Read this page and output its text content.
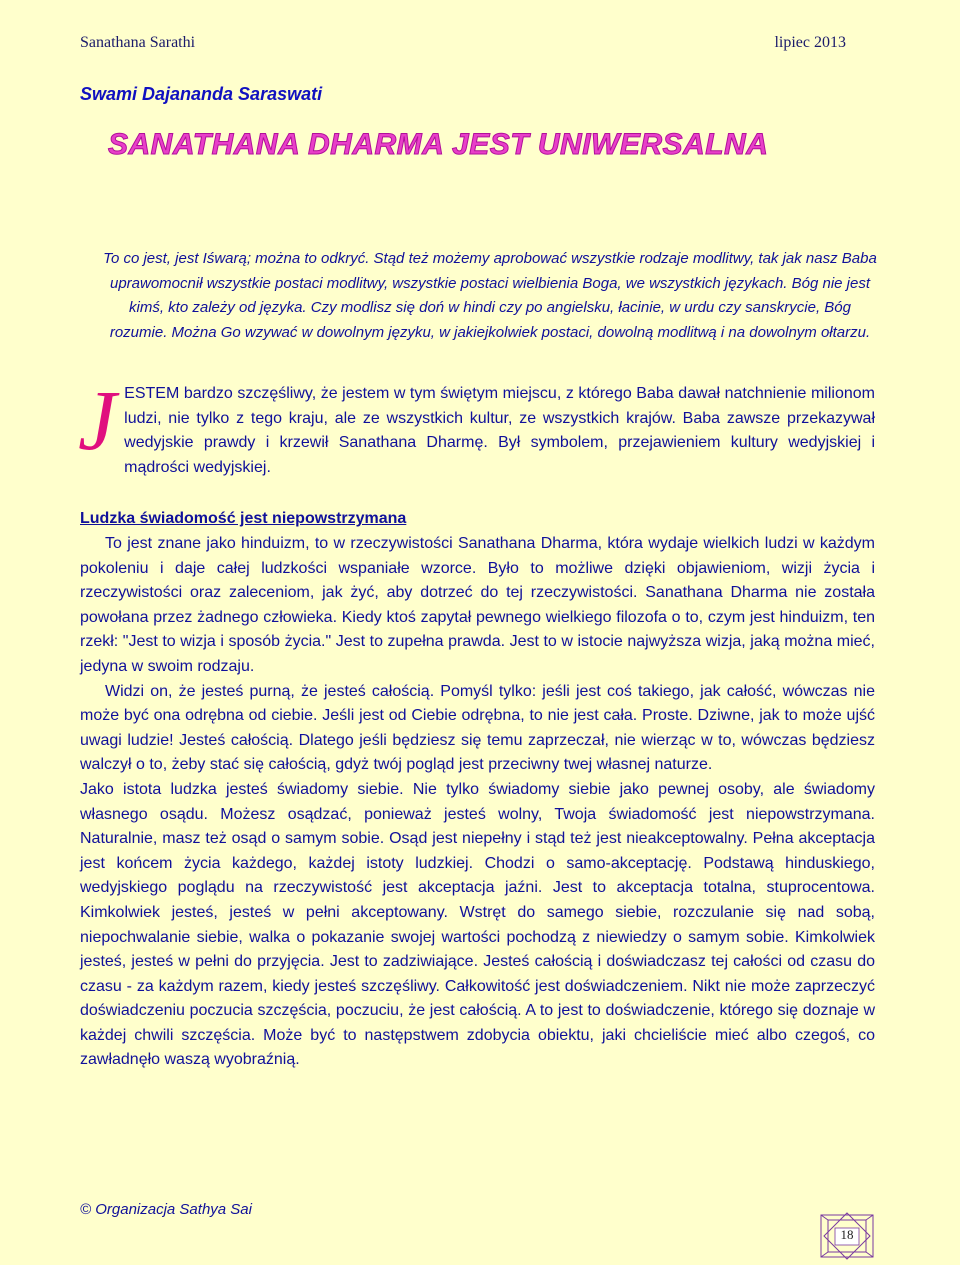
Sanathana Sarathi	lipiec 2013
Swami Dajananda Saraswati
SANATHANA DHARMA JEST UNIWERSALNA
To co jest, jest Iśwarą; można to odkryć. Stąd też możemy aprobować wszystkie rodzaje modlitwy, tak jak nasz Baba uprawomocnił wszystkie postaci modlitwy, wszystkie postaci wielbienia Boga, we wszystkich językach. Bóg nie jest kimś, kto zależy od języka. Czy modlisz się doń w hindi czy po angielsku, łacinie, w urdu czy sanskrycie, Bóg rozumie. Można Go wzywać w dowolnym języku, w jakiejkolwiek postaci, dowolną modlitwą i na dowolnym ołtarzu.
JESTEM bardzo szczęśliwy, że jestem w tym świętym miejscu, z którego Baba dawał natchnienie milionom ludzi, nie tylko z tego kraju, ale ze wszystkich kultur, ze wszystkich krajów. Baba zawsze przekazywał wedyjskie prawdy i krzewił Sanathana Dharmę. Był symbolem, przejawieniem kultury wedyjskiej i mądrości wedyjskiej.
Ludzka świadomość jest niepowstrzymana

To jest znane jako hinduizm, to w rzeczywistości Sanathana Dharma, która wydaje wielkich ludzi w każdym pokoleniu i daje całej ludzkości wspaniałe wzorce. Było to możliwe dzięki objawieniom, wizji życia i rzeczywistości oraz zaleceniom, jak żyć, aby dotrzeć do tej rzeczywistości. Sanathana Dharma nie została powołana przez żadnego człowieka. Kiedy ktoś zapytał pewnego wielkiego filozofa o to, czym jest hinduizm, ten rzekł: "Jest to wizja i sposób życia." Jest to zupełna prawda. Jest to w istocie najwyższa wizja, jaką można mieć, jedyna w swoim rodzaju.

Widzi on, że jesteś purną, że jesteś całością. Pomyśl tylko: jeśli jest coś takiego, jak całość, wówczas nie może być ona odrębna od ciebie. Jeśli jest od Ciebie odrębna, to nie jest cała. Proste. Dziwne, jak to może ujść uwagi ludzie! Jesteś całością. Dlatego jeśli będziesz się temu zaprzeczał, nie wierząc w to, wówczas będziesz walczył o to, żeby stać się całością, gdyż twój pogląd jest przeciwny twej własnej naturze.

Jako istota ludzka jesteś świadomy siebie. Nie tylko świadomy siebie jako pewnej osoby, ale świadomy własnego osądu. Możesz osądzać, ponieważ jesteś wolny, Twoja świadomość jest niepowstrzymana. Naturalnie, masz też osąd o samym sobie. Osąd jest niepełny i stąd też jest nieakceptowalny. Pełna akceptacja jest końcem życia każdego, każdej istoty ludzkiej. Chodzi o samo-akceptację. Podstawą hinduskiego, wedyjskiego poglądu na rzeczywistość jest akceptacja jaźni. Jest to akceptacja totalna, stuprocentowa. Kimkolwiek jesteś, jesteś w pełni akceptowany. Wstręt do samego siebie, rozczulanie się nad sobą, niepochwalanie siebie, walka o pokazanie swojej wartości pochodzą z niewiedzy o samym sobie. Kimkolwiek jesteś, jesteś w pełni do przyjęcia. Jest to zadziwiające. Jesteś całością i doświadczasz tej całości od czasu do czasu - za każdym razem, kiedy jesteś szczęśliwy. Całkowitość jest doświadczeniem. Nikt nie może zaprzeczyć doświadczeniu poczucia szczęścia, poczuciu, że jest całością. A to jest to doświadczenie, którego się doznaje w każdej chwili szczęścia. Może być to następstwem zdobycia obiektu, jaki chcieliście mieć albo czegoś, co zawładnęło waszą wyobraźnią.

© Organizacja Sathya Sai
18
